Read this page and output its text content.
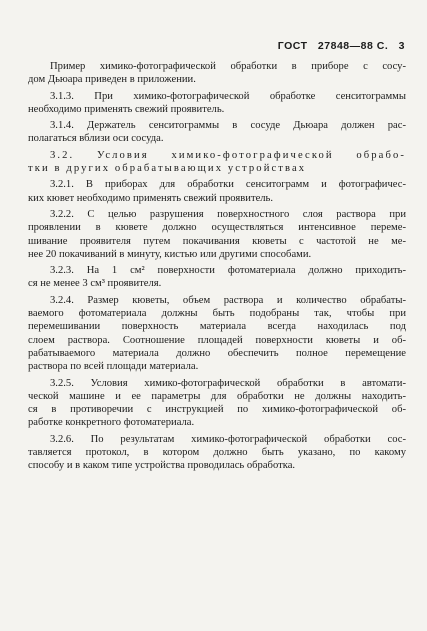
ГОСТ 27848—88 С. 3
Пример химико-фотографической обработки в приборе с сосу-
дом Дьюара приведен в приложении.
3.1.3. При химико-фотографической обработке сенситограммы
необходимо применять свежий проявитель.
3.1.4. Держатель сенситограммы в сосуде Дьюара должен рас-
полагаться вблизи оси сосуда.
3.2. Условия химико-фотографической обрабо-
тки в других обрабатывающих устройствах
3.2.1. В приборах для обработки сенситограмм и фотографичес-
ких кювет необходимо применять свежий проявитель.
3.2.2. С целью разрушения поверхностного слоя раствора при
проявлении в кювете должно осуществляться интенсивное переме-
шивание проявителя путем покачивания кюветы с частотой не ме-
нее 20 покачиваний в минуту, кистью или другими способами.
3.2.3. На 1 см² поверхности фотоматериала должно приходить-
ся не менее 3 см³ проявителя.
3.2.4. Размер кюветы, объем раствора и количество обрабаты-
ваемого фотоматериала должны быть подобраны так, чтобы при
перемешивании поверхность материала всегда находилась под
слоем раствора. Соотношение площадей поверхности кюветы и об-
рабатываемого материала должно обеспечить полное перемещение
раствора по всей площади материала.
3.2.5. Условия химико-фотографической обработки в автомати-
ческой машине и ее параметры для обработки не должны находить-
ся в противоречии с инструкцией по химико-фотографической об-
работке конкретного фотоматериала.
3.2.6. По результатам химико-фотографической обработки сос-
тавляется протокол, в котором должно быть указано, по какому
способу и в каком типе устройства проводилась обработка.
